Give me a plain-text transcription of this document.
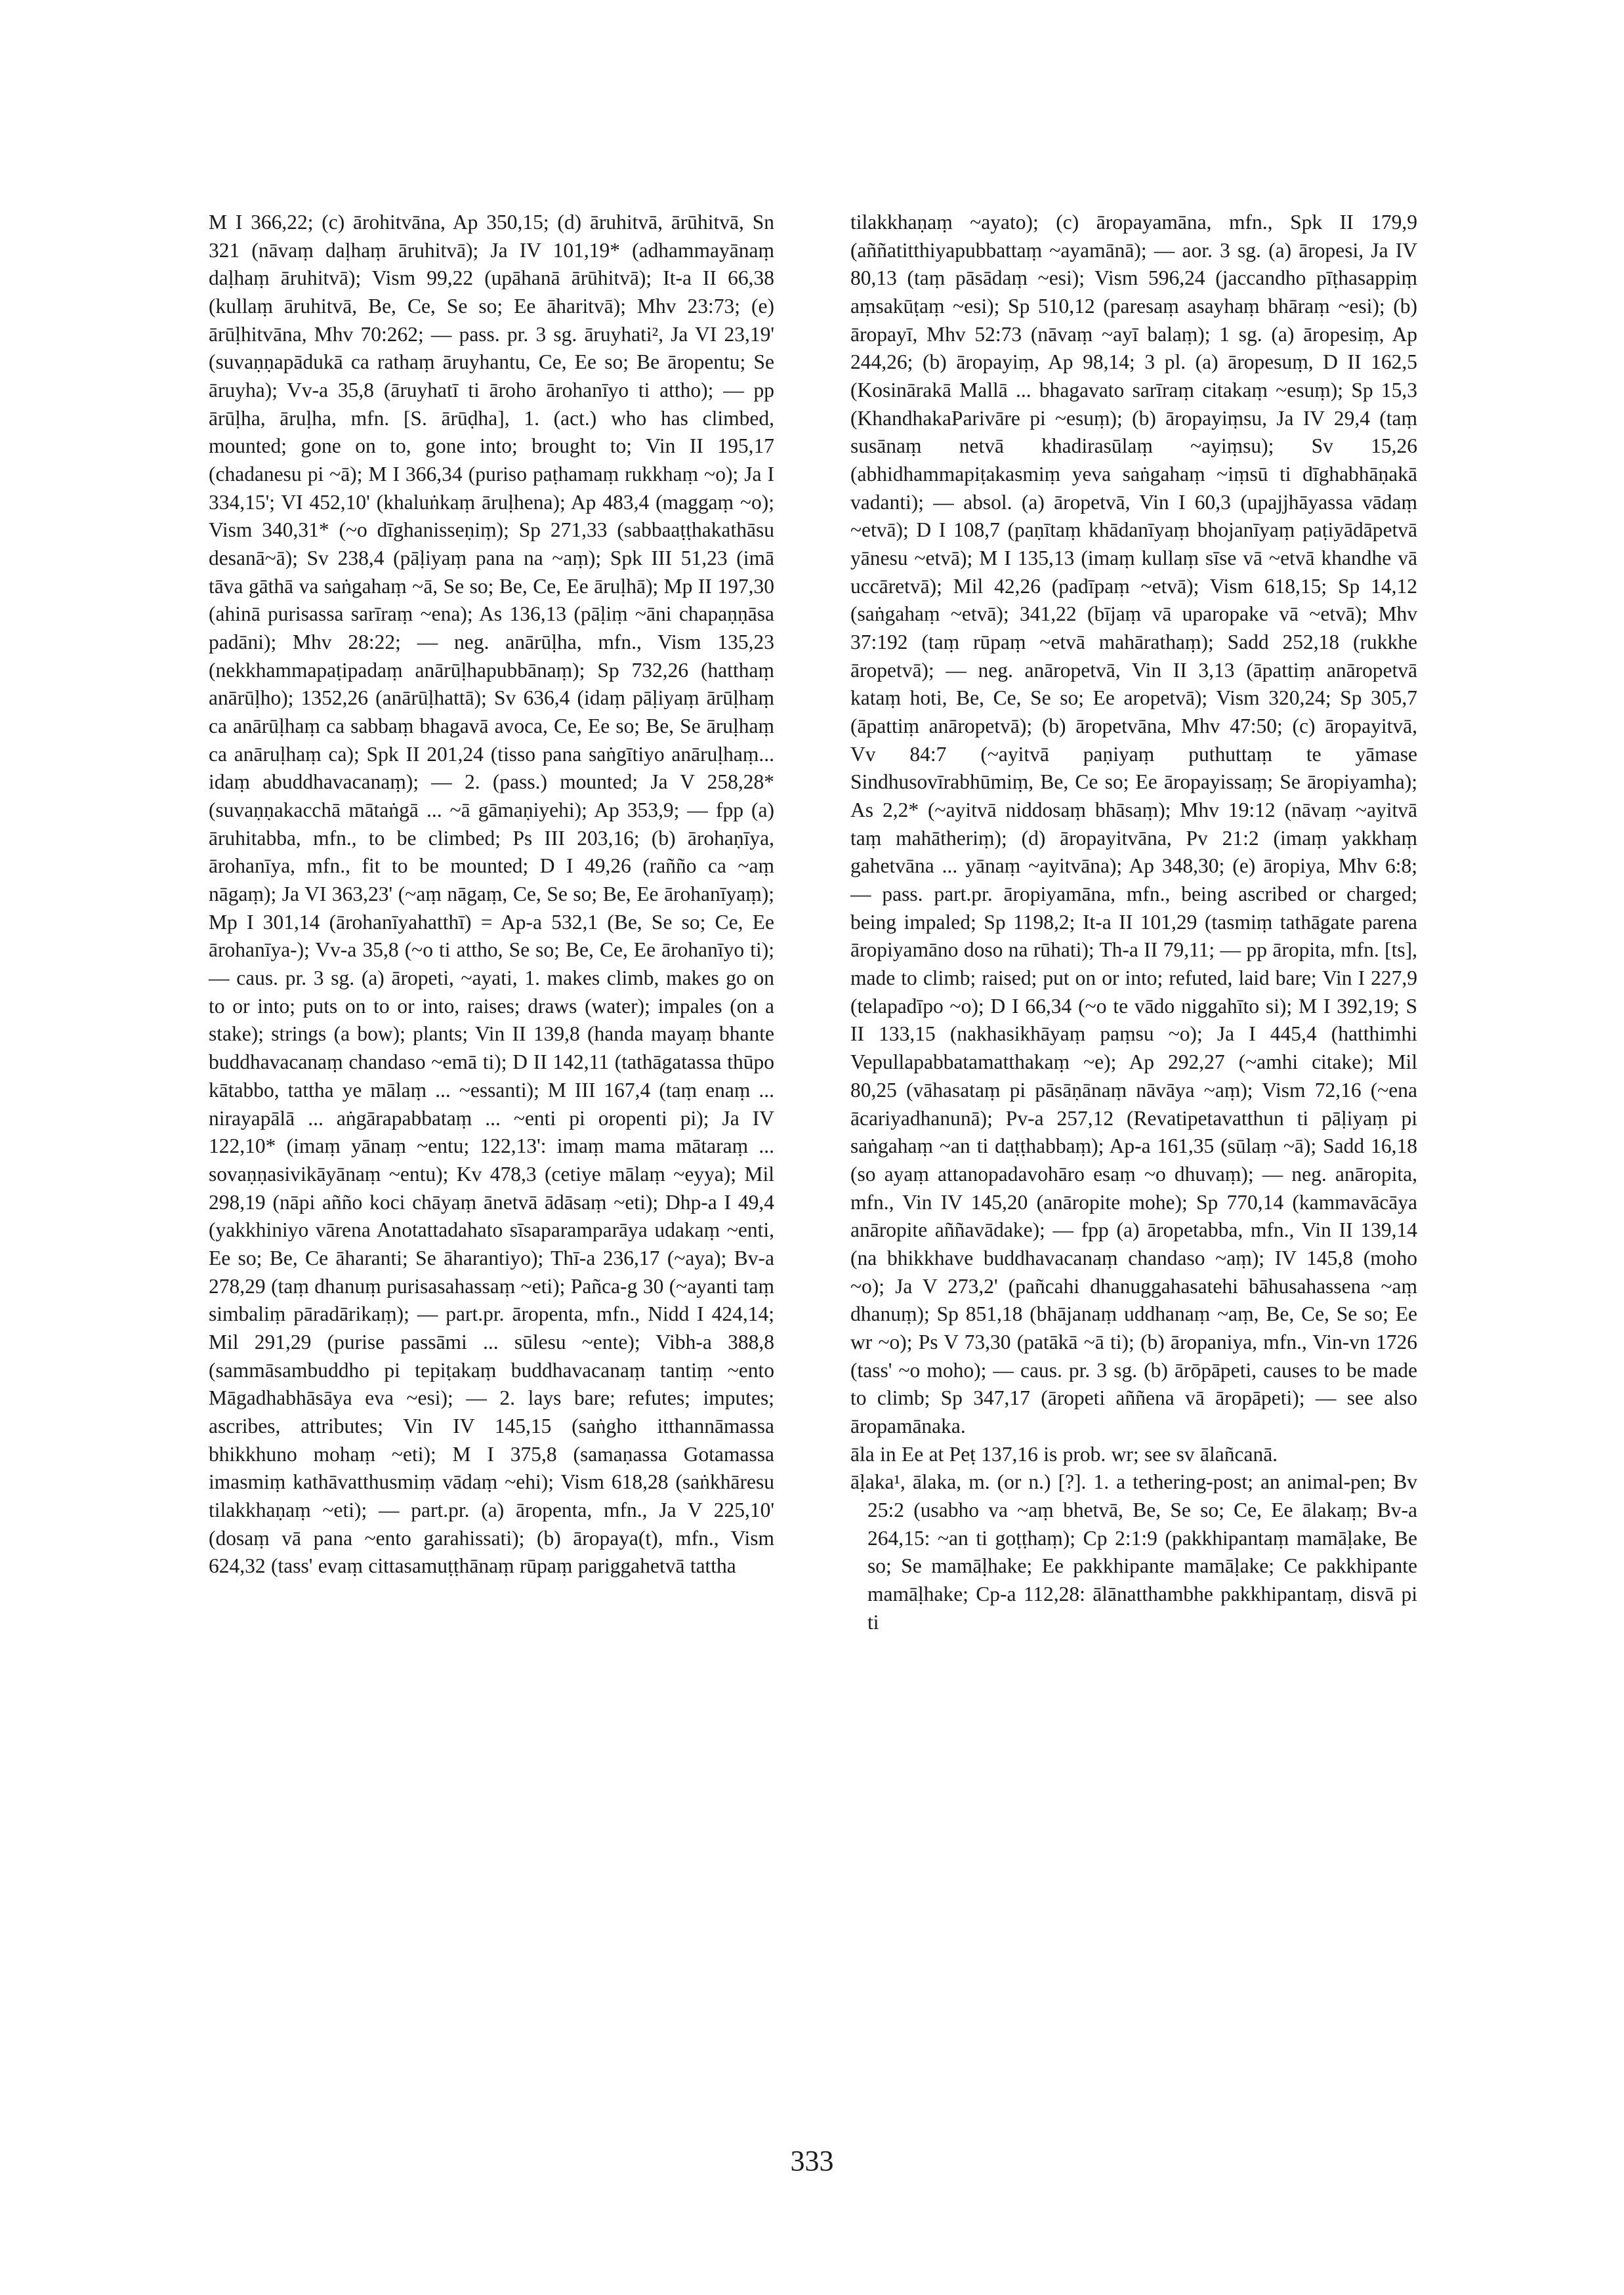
M I 366,22; (c) ārohitvāna, Ap 350,15; (d) āruhitvā, ārūhitvā, Sn 321 (nāvaṃ daḷhaṃ āruhitvā); Ja IV 101,19* (adhammayānaṃ daḷhaṃ āruhitvā); Vism 99,22 (upāhanā ārūhitvā); It-a II 66,38 (kullaṃ āruhitvā, Be, Ce, Se so; Ee āharitvā); Mhv 23:73; (e) ārūḷhitvāna, Mhv 70:262; — pass. pr. 3 sg. āruyhati², Ja VI 23,19' (suvaṇṇapādukā ca rathaṃ āruyhantu, Ce, Ee so; Be āropentu; Se āruyha); Vv-a 35,8 (āruyhatī ti āroho ārohanīyo ti attho); — pp ārūḷha, āruḷha, mfn. [S. ārūḍha], 1. (act.) who has climbed, mounted; gone on to, gone into; brought to; Vin II 195,17 (chadanesu pi ~ā); M I 366,34 (puriso paṭhamaṃ rukkhaṃ ~o); Ja I 334,15'; VI 452,10' (khaluṅkaṃ āruḷhena); Ap 483,4 (maggaṃ ~o); Vism 340,31* (~o dīghanisseṇiṃ); Sp 271,33 (sabbaaṭṭhakathāsu desanā~ā); Sv 238,4 (pāḷiyaṃ pana na ~aṃ); Spk III 51,23 (imā tāva gāthā va saṅgahaṃ ~ā, Se so; Be, Ce, Ee āruḷhā); Mp II 197,30 (ahinā purisassa sarīraṃ ~ena); As 136,13 (pāḷiṃ ~āni chapaṇṇāsa padāni); Mhv 28:22; — neg. anārūḷha, mfn., Vism 135,23 (nekkhammapaṭipadaṃ anārūḷhapubbānaṃ); Sp 732,26 (hatthaṃ anārūḷho); 1352,26 (anārūḷhattā); Sv 636,4 (idaṃ pāḷiyaṃ ārūḷhaṃ ca anārūḷhaṃ ca sabbaṃ bhagavā avoca, Ce, Ee so; Be, Se āruḷhaṃ ca anāruḷhaṃ ca); Spk II 201,24 (tisso pana saṅgītiyo anāruḷhaṃ... idaṃ abuddhavacanaṃ); — 2. (pass.) mounted; Ja V 258,28* (suvaṇṇakacchā mātaṅgā ... ~ā gāmaṇiyehi); Ap 353,9; — fpp (a) āruhitabba, mfn., to be climbed; Ps III 203,16; (b) ārohaṇīya, ārohanīya, mfn., fit to be mounted; D I 49,26 (rañño ca ~aṃ nāgaṃ); Ja VI 363,23' (~aṃ nāgaṃ, Ce, Se so; Be, Ee ārohanīyaṃ); Mp I 301,14 (ārohanīyahatthī) = Ap-a 532,1 (Be, Se so; Ce, Ee ārohanīya-); Vv-a 35,8 (~o ti attho, Se so; Be, Ce, Ee ārohanīyo ti); — caus. pr. 3 sg. (a) āropeti, ~ayati, 1. makes climb, makes go on to or into; puts on to or into, raises; draws (water); impales (on a stake); strings (a bow); plants; Vin II 139,8 (handa mayaṃ bhante buddhavacanaṃ chandaso ~emā ti); D II 142,11 (tathāgatassa thūpo kātabbo, tattha ye mālaṃ ... ~essanti); M III 167,4 (taṃ enaṃ ... nirayapālā ... aṅgārapabbataṃ ... ~enti pi oropenti pi); Ja IV 122,10* (imaṃ yānaṃ ~entu; 122,13': imaṃ mama mātaraṃ ... sovaṇṇasivikāyānaṃ ~entu); Kv 478,3 (cetiye mālaṃ ~eyya); Mil 298,19 (nāpi añño koci chāyaṃ ānetvā ādāsaṃ ~eti); Dhp-a I 49,4 (yakkhiniyo vārena Anotattadahato sīsaparamparāya udakaṃ ~enti, Ee so; Be, Ce āharanti; Se āharantiyo); Thī-a 236,17 (~aya); Bv-a 278,29 (taṃ dhanuṃ purisasahassaṃ ~eti); Pañca-g 30 (~ayanti taṃ simbaliṃ pāradārikaṃ); — part.pr. āropenta, mfn., Nidd I 424,14; Mil 291,29 (purise passāmi ... sūlesu ~ente); Vibh-a 388,8 (sammāsambuddho pi tepiṭakaṃ buddhavacanaṃ tantiṃ ~ento Māgadhabhāsāya eva ~esi); — 2. lays bare; refutes; imputes; ascribes, attributes; Vin IV 145,15 (saṅgho itthannāmassa bhikkhuno mohaṃ ~eti); M I 375,8 (samaṇassa Gotamassa imasmiṃ kathāvatthusmiṃ vādaṃ ~ehi); Vism 618,28 (saṅkhāresu tilakkhaṇaṃ ~eti); — part.pr. (a) āropenta, mfn., Ja V 225,10' (dosaṃ vā pana ~ento garahissati); (b) āropaya(t), mfn., Vism 624,32 (tass' evaṃ cittasamuṭṭhānaṃ rūpaṃ pariggahetvā tattha

tilakkhaṇaṃ ~ayato); (c) āropayamāna, mfn., Spk II 179,9 (aññatitthiyapubbattaṃ ~ayamānā); — aor. 3 sg. (a) āropesi, Ja IV 80,13 (taṃ pāsādaṃ ~esi); Vism 596,24 (jaccandho pīṭhasappiṃ aṃsakūṭaṃ ~esi); Sp 510,12 (paresaṃ asayhaṃ bhāraṃ ~esi); (b) āropayī, Mhv 52:73 (nāvaṃ ~ayī balaṃ); 1 sg. (a) āropesiṃ, Ap 244,26; (b) āropayiṃ, Ap 98,14; 3 pl. (a) āropesuṃ, D II 162,5 (Kosinārakā Mallā ... bhagavato sarīraṃ citakaṃ ~esuṃ); Sp 15,3 (KhandhakaParivāre pi ~esuṃ); (b) āropayiṃsu, Ja IV 29,4 (taṃ susānaṃ netvā khadirasūlaṃ ~ayiṃsu); Sv 15,26 (abhidhammapiṭakasmiṃ yeva saṅgahaṃ ~iṃsū ti dīghabhāṇakā vadanti); — absol. (a) āropetvā, Vin I 60,3 (upajjhāyassa vādaṃ ~etvā); D I 108,7 (paṇītaṃ khādanīyaṃ bhojanīyaṃ paṭiyādāpetvā yānesu ~etvā); M I 135,13 (imaṃ kullaṃ sīse vā ~etvā khandhe vā uccāretvā); Mil 42,26 (padīpaṃ ~etvā); Vism 618,15; Sp 14,12 (saṅgahaṃ ~etvā); 341,22 (bījaṃ vā uparopake vā ~etvā); Mhv 37:192 (taṃ rūpaṃ ~etvā mahārathaṃ); Sadd 252,18 (rukkhe āropetvā); — neg. anāropetvā, Vin II 3,13 (āpattiṃ anāropetvā kataṃ hoti, Be, Ce, Se so; Ee aropetvā); Vism 320,24; Sp 305,7 (āpattiṃ anāropetvā); (b) āropetvāna, Mhv 47:50; (c) āropayitvā, Vv 84:7 (~ayitvā paṇiyaṃ puthuttaṃ te yāmase Sindhusovīrabhūmiṃ, Be, Ce so; Ee āropayissaṃ; Se āropiyamha); As 2,2* (~ayitvā niddosaṃ bhāsaṃ); Mhv 19:12 (nāvaṃ ~ayitvā taṃ mahātheriṃ); (d) āropayitvāna, Pv 21:2 (imaṃ yakkhaṃ gahetvāna ... yānaṃ ~ayitvāna); Ap 348,30; (e) āropiya, Mhv 6:8; — pass. part.pr. āropiyamāna, mfn., being ascribed or charged; being impaled; Sp 1198,2; It-a II 101,29 (tasmiṃ tathāgate parena āropiyamāno doso na rūhati); Th-a II 79,11; — pp āropita, mfn. [ts], made to climb; raised; put on or into; refuted, laid bare; Vin I 227,9 (telapadīpo ~o); D I 66,34 (~o te vādo niggahīto si); M I 392,19; S II 133,15 (nakhasikhāyaṃ paṃsu ~o); Ja I 445,4 (hatthimhi Vepullapabbatamatthakaṃ ~e); Ap 292,27 (~amhi citake); Mil 80,25 (vāhasataṃ pi pāsāṇānaṃ nāvāya ~aṃ); Vism 72,16 (~ena ācariyadhanunā); Pv-a 257,12 (Revatipetavatthun ti pāḷiyaṃ pi saṅgahaṃ ~an ti daṭṭhabbaṃ); Ap-a 161,35 (sūlaṃ ~ā); Sadd 16,18 (so ayaṃ attanopadavohāro esaṃ ~o dhuvaṃ); — neg. anāropita, mfn., Vin IV 145,20 (anāropite mohe); Sp 770,14 (kammavācāya anāropite aññavādake); — fpp (a) āropetabba, mfn., Vin II 139,14 (na bhikkhave buddhavacanaṃ chandaso ~aṃ); IV 145,8 (moho ~o); Ja V 273,2' (pañcahi dhanuggahasatehi bāhusahassena ~aṃ dhanuṃ); Sp 851,18 (bhājanaṃ uddhanaṃ ~aṃ, Be, Ce, Se so; Ee wr ~o); Ps V 73,30 (patākā ~ā ti); (b) āropaniya, mfn., Vin-vn 1726 (tass' ~o moho); — caus. pr. 3 sg. (b) ārōpāpeti, causes to be made to climb; Sp 347,17 (āropeti aññena vā āropāpeti); — see also āropamānaka.

āla in Ee at Peṭ 137,16 is prob. wr; see sv ālañcanā.

āḷaka¹, ālaka, m. (or n.) [?]. 1. a tethering-post; an animal-pen; Bv 25:2 (usabho va ~aṃ bhetvā, Be, Se so; Ce, Ee ālakaṃ; Bv-a 264,15: ~an ti goṭṭhaṃ); Cp 2:1:9 (pakkhipantaṃ mamāḷake, Be so; Se mamāḷhake; Ee pakkhipante mamāḷake; Ce pakkhipante mamāḷhake; Cp-a 112,28: ālānatthambhe pakkhipantaṃ, disvā pi ti

333
